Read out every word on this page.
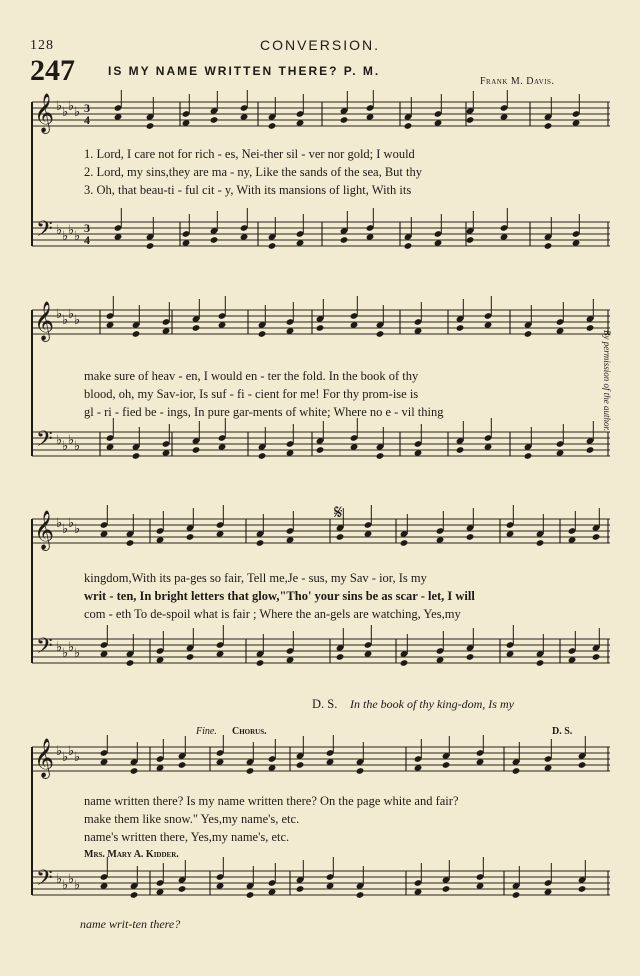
128	CONVERSION.
247	IS MY NAME WRITTEN THERE? P. M.
Frank M. Davis.
By permission of the author.
𝄞
𝄢
♭ ♭ ♭ ♭
♭ ♭ ♭ ♭
3
3
4
4
1. Lord, I care not for rich - es, Nei-ther sil - ver nor gold; I would
2. Lord, my sins,they are ma - ny, Like the sands of the sea, But thy
3. Oh, that beau-ti - ful cit - y, With its mansions of light, With its
𝄞
𝄢
♭ ♭ ♭ ♭
♭ ♭ ♭ ♭
make sure of heav - en, I would en - ter the fold. In the book of thy
blood, oh, my Sav-ior, Is suf - fi - cient for me! For thy prom-ise is
gl - ri - fied be - ings, In pure gar-ments of white; Where no e - vil thing
𝄞
𝄢
♭ ♭ ♭ ♭
♭ ♭ ♭ ♭
𝄋
kingdom,With its pa-ges so fair, Tell me,Je - sus, my Sav - ior, Is my
writ - ten, In bright letters that glow,"Tho' your sins be as scar - let, I will
com - eth To de-spoil what is fair ; Where the an-gels are watching, Yes,my
D. S. In the book of thy king-dom, Is my
Fine. Chorus.	D. S.
𝄞
𝄢
♭ ♭ ♭ ♭
♭ ♭ ♭ ♭
name written there? Is my name written there? On the page white and fair?
make them like snow." Yes,my name's, etc.
name's written there, Yes,my name's, etc.
Mrs. Mary A. Kidder.
name writ-ten there?
